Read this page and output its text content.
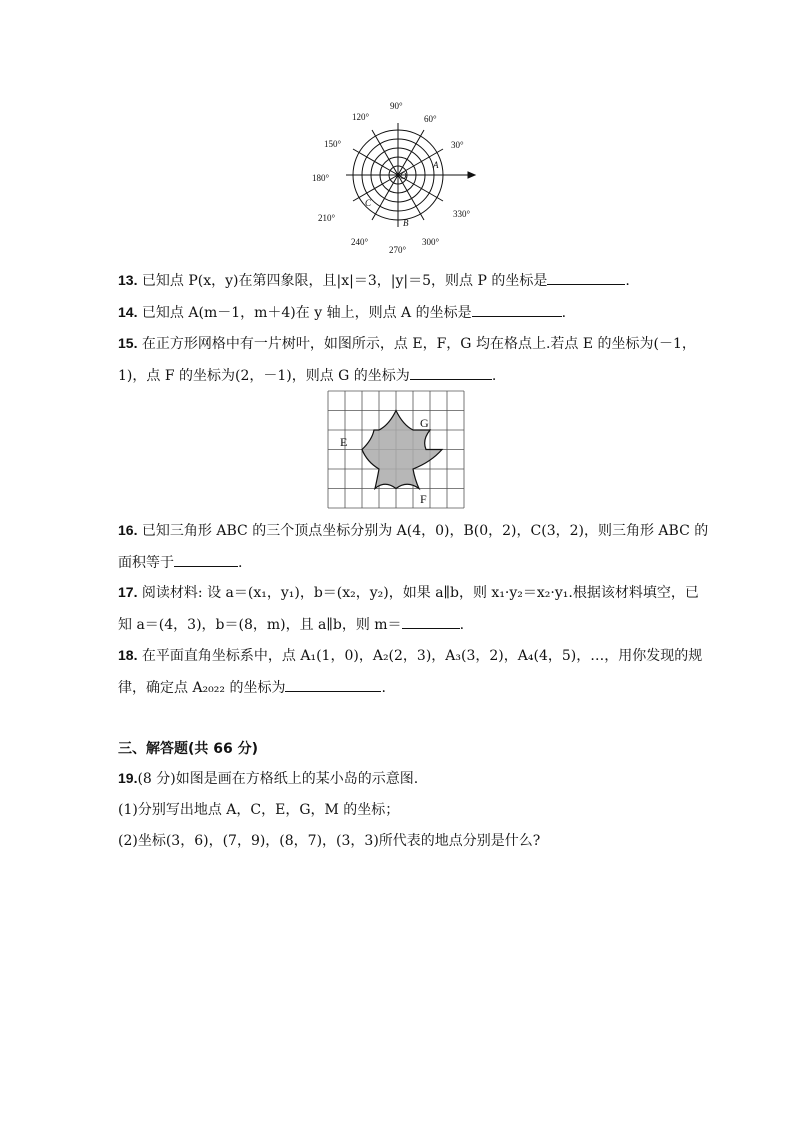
90°
60°
30°
120°
150°
180°
210°
240°
270°
300°
330°
A
B
C
O
13. 已知点 P(x，y)在第四象限，且|x|＝3，|y|＝5，则点 P 的坐标是	.
14. 已知点 A(m－1，m＋4)在 y 轴上，则点 A 的坐标是	.
15. 在正方形网格中有一片树叶，如图所示，点 E，F，G 均在格点上.若点 E 的坐标为(－1，
1)，点 F 的坐标为(2，－1)，则点 G 的坐标为	.
E
G
F
16. 已知三角形 ABC 的三个顶点坐标分别为 A(4，0)，B(0，2)，C(3，2)，则三角形 ABC 的
面积等于	.
17. 阅读材料: 设 a＝(x₁，y₁)，b＝(x₂，y₂)，如果 a∥b，则 x₁·y₂＝x₂·y₁.根据该材料填空，已
知 a＝(4，3)，b＝(8，m)，且 a∥b，则 m＝	.
18. 在平面直角坐标系中，点 A₁(1，0)，A₂(2，3)，A₃(3，2)，A₄(4，5)，…，用你发现的规
律，确定点 A₂₀₂₂ 的坐标为	.
三、解答题(共 66 分)
19.(8 分)如图是画在方格纸上的某小岛的示意图.
(1)分别写出地点 A，C，E，G，M 的坐标；
(2)坐标(3，6)，(7，9)，(8，7)，(3，3)所代表的地点分别是什么?
